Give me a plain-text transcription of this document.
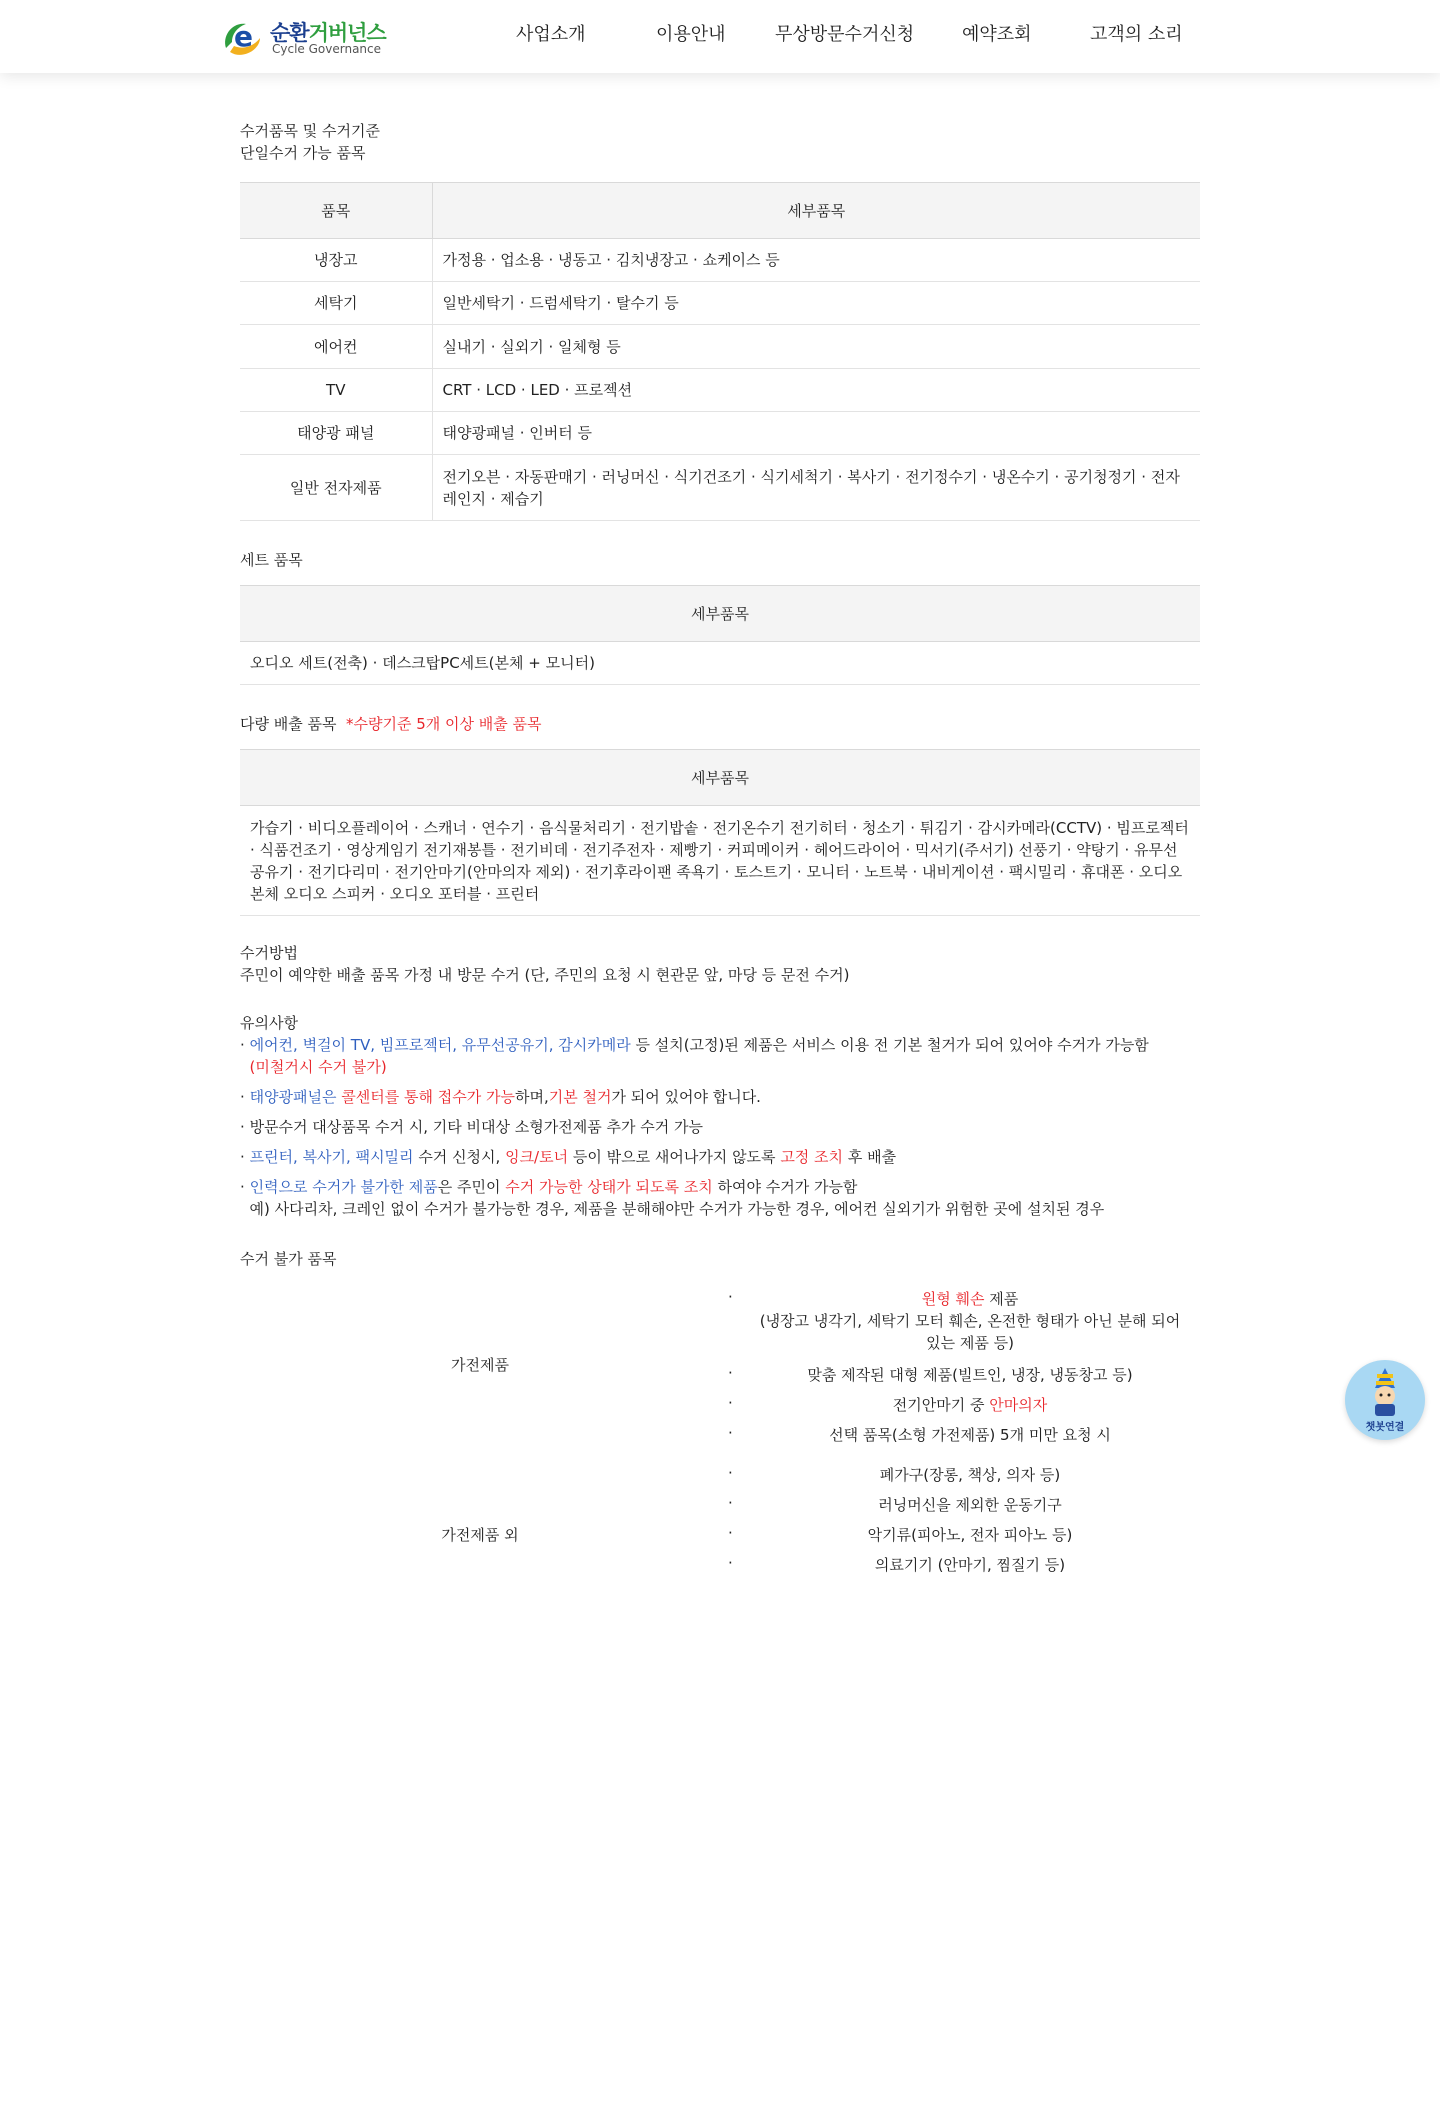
e 순환거버넌스
Cycle Governance
사업소개	이용안내	무상방문수거신청	예약조회	고객의 소리
수거품목 및 수거기준
단일수거 가능 품목
품목	세부품목
냉장고	가정용 · 업소용 · 냉동고 · 김치냉장고 · 쇼케이스 등
세탁기	일반세탁기 · 드럼세탁기 · 탈수기 등
에어컨	실내기 · 실외기 · 일체형 등
TV	CRT · LCD · LED · 프로젝션
태양광 패널	태양광패널 · 인버터 등
일반 전자제품	전기오븐 · 자동판매기 · 러닝머신 · 식기건조기 · 식기세척기 · 복사기 · 전기정수기 · 냉온수기 · 공기청정기 · 전자레인지 · 제습기
세트 품목
세부품목
오디오 세트(전축) · 데스크탑PC세트(본체 + 모니터)
다량 배출 품목 *수량기준 5개 이상 배출 품목
세부품목
가습기 · 비디오플레이어 · 스캐너 · 연수기 · 음식물처리기 · 전기밥솥 · 전기온수기 전기히터 · 청소기 · 튀김기 · 감시카메라(CCTV) · 빔프로젝터 · 식품건조기 · 영상게임기 전기재봉틀 · 전기비데 · 전기주전자 · 제빵기 · 커피메이커 · 헤어드라이어 · 믹서기(주서기) 선풍기 · 약탕기 · 유무선공유기 · 전기다리미 · 전기안마기(안마의자 제외) · 전기후라이팬 족욕기 · 토스트기 · 모니터 · 노트북 · 내비게이션 · 팩시밀리 · 휴대폰 · 오디오 본체 오디오 스피커 · 오디오 포터블 · 프린터
수거방법
주민이 예약한 배출 품목 가정 내 방문 수거 (단, 주민의 요청 시 현관문 앞, 마당 등 문전 수거)
유의사항
· 에어컨, 벽걸이 TV, 빔프로젝터, 유무선공유기, 감시카메라 등 설치(고정)된 제품은 서비스 이용 전 기본 철거가 되어 있어야 수거가 가능함
(미철거시 수거 불가)
· 태양광패널은 콜센터를 통해 접수가 가능하며,기본 철거가 되어 있어야 합니다.
· 방문수거 대상품목 수거 시, 기타 비대상 소형가전제품 추가 수거 가능
· 프린터, 복사기, 팩시밀리 수거 신청시, 잉크/토너 등이 밖으로 새어나가지 않도록 고정 조치 후 배출
· 인력으로 수거가 불가한 제품은 주민이 수거 가능한 상태가 되도록 조치 하여야 수거가 가능함
예) 사다리차, 크레인 없이 수거가 불가능한 경우, 제품을 분해해야만 수거가 가능한 경우, 에어컨 실외기가 위험한 곳에 설치된 경우
수거 불가 품목
가전제품
·	원형 훼손 제품
(냉장고 냉각기, 세탁기 모터 훼손, 온전한 형태가 아닌 분해 되어
있는 제품 등)
·	맞춤 제작된 대형 제품(빌트인, 냉장, 냉동창고 등)
·	전기안마기 중 안마의자
·	선택 품목(소형 가전제품) 5개 미만 요청 시
가전제품 외
·	폐가구(장롱, 책상, 의자 등)
·	러닝머신을 제외한 운동기구
·	악기류(피아노, 전자 피아노 등)
·	의료기기 (안마기, 찜질기 등)
챗봇연결
